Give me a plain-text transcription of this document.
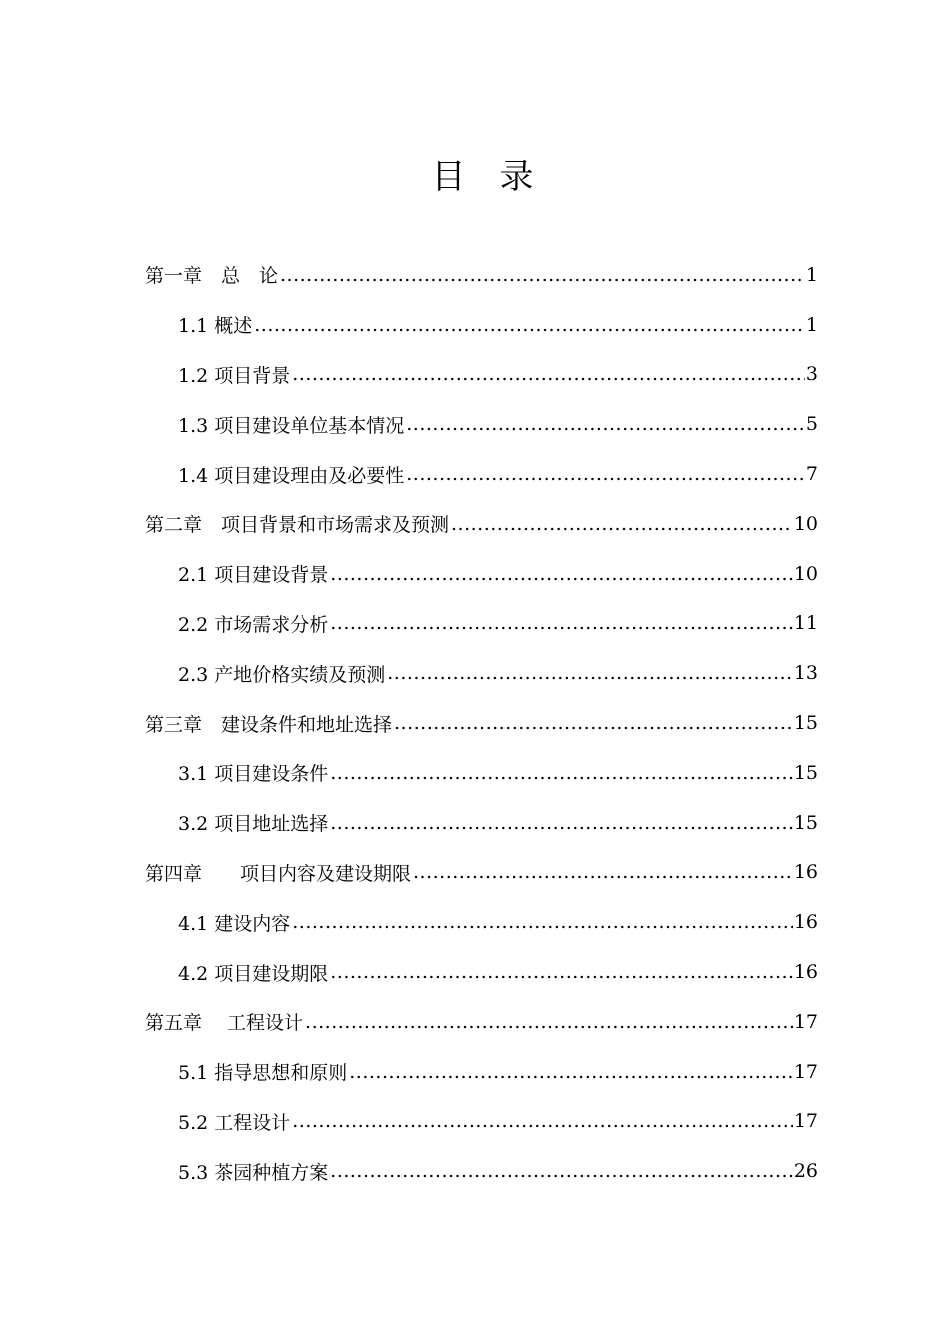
目 录
第一章　总　论 .....	1
1.1 概述 .....	1
1.2 项目背景 .....	3
1.3 项目建设单位基本情况 .....	5
1.4 项目建设理由及必要性 .....	7
第二章　项目背景和市场需求及预测 .....	10
2.1 项目建设背景 .....	10
2.2 市场需求分析 .....	11
2.3 产地价格实绩及预测 .....	13
第三章　建设条件和地址选择 .....	15
3.1 项目建设条件 .....	15
3.2 项目地址选择 .....	15
第四章　　项目内容及建设期限 .....	16
4.1 建设内容 .....	16
4.2 项目建设期限 .....	16
第五章　 工程设计 .....	17
5.1 指导思想和原则 .....	17
5.2 工程设计 .....	17
5.3 茶园种植方案 .....	26
